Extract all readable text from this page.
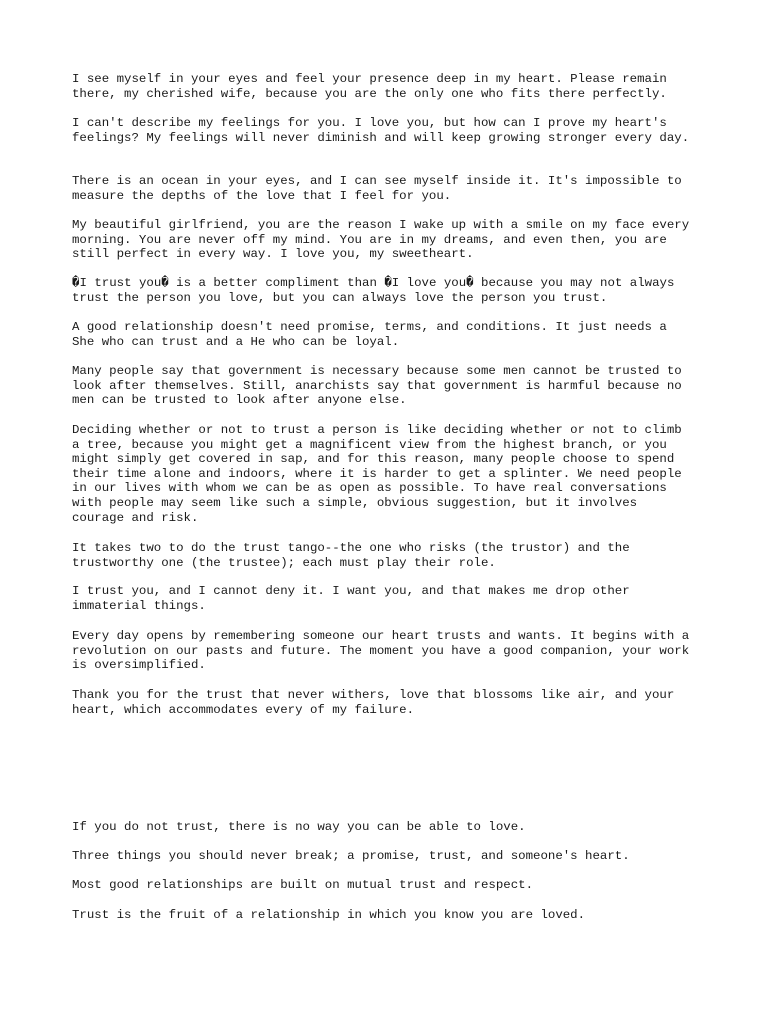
I see myself in your eyes and feel your presence deep in my heart. Please remain
there, my cherished wife, because you are the only one who fits there perfectly.

I can't describe my feelings for you. I love you, but how can I prove my heart's
feelings? My feelings will never diminish and will keep growing stronger every day.

There is an ocean in your eyes, and I can see myself inside it. It's impossible to
measure the depths of the love that I feel for you.

My beautiful girlfriend, you are the reason I wake up with a smile on my face every
morning. You are never off my mind. You are in my dreams, and even then, you are
still perfect in every way. I love you, my sweetheart.

�I trust you� is a better compliment than �I love you� because you may not always
trust the person you love, but you can always love the person you trust.

A good relationship doesn't need promise, terms, and conditions. It just needs a
She who can trust and a He who can be loyal.

Many people say that government is necessary because some men cannot be trusted to
look after themselves. Still, anarchists say that government is harmful because no
men can be trusted to look after anyone else.

Deciding whether or not to trust a person is like deciding whether or not to climb
a tree, because you might get a magnificent view from the highest branch, or you
might simply get covered in sap, and for this reason, many people choose to spend
their time alone and indoors, where it is harder to get a splinter. We need people
in our lives with whom we can be as open as possible. To have real conversations
with people may seem like such a simple, obvious suggestion, but it involves
courage and risk.

It takes two to do the trust tango--the one who risks (the trustor) and the
trustworthy one (the trustee); each must play their role.

I trust you, and I cannot deny it. I want you, and that makes me drop other
immaterial things.

Every day opens by remembering someone our heart trusts and wants. It begins with a
revolution on our pasts and future. The moment you have a good companion, your work
is oversimplified.

Thank you for the trust that never withers, love that blossoms like air, and your
heart, which accommodates every of my failure.

If you do not trust, there is no way you can be able to love.

Three things you should never break; a promise, trust, and someone's heart.

Most good relationships are built on mutual trust and respect.

Trust is the fruit of a relationship in which you know you are loved.
